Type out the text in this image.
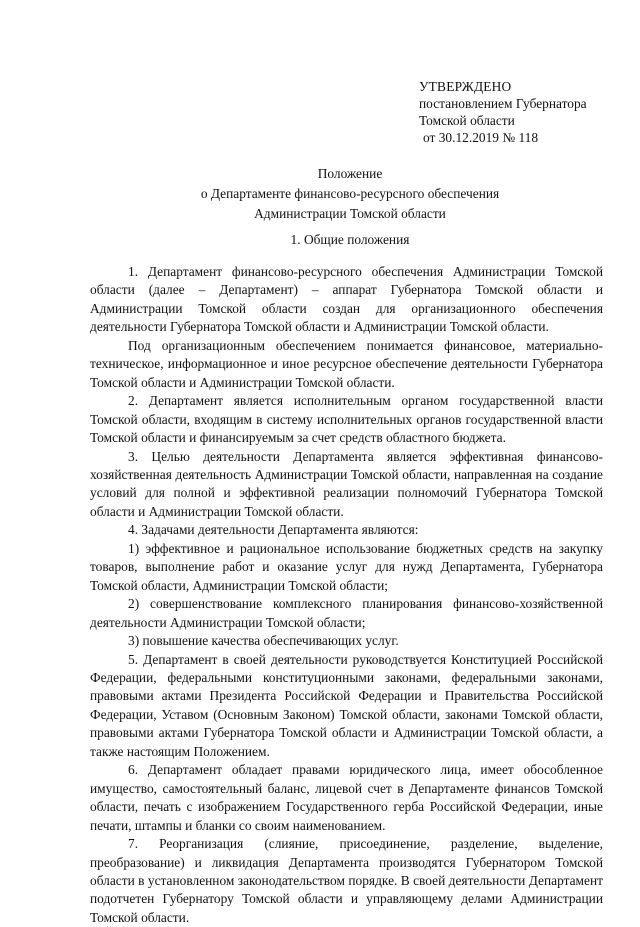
УТВЕРЖДЕНО
постановлением Губернатора
Томской области
от 30.12.2019 № 118
Положение
о Департаменте финансово-ресурсного обеспечения
Администрации Томской области
1. Общие положения

1. Департамент финансово-ресурсного обеспечения Администрации Томской области (далее – Департамент) – аппарат Губернатора Томской области и Администрации Томской области создан для организационного обеспечения деятельности Губернатора Томской области и Администрации Томской области.

Под организационным обеспечением понимается финансовое, материально-техническое, информационное и иное ресурсное обеспечение деятельности Губернатора Томской области и Администрации Томской области.

2. Департамент является исполнительным органом государственной власти Томской области, входящим в систему исполнительных органов государственной власти Томской области и финансируемым за счет средств областного бюджета.

3. Целью деятельности Департамента является эффективная финансово-хозяйственная деятельность Администрации Томской области, направленная на создание условий для полной и эффективной реализации полномочий Губернатора Томской области и Администрации Томской области.

4. Задачами деятельности Департамента являются:

1) эффективное и рациональное использование бюджетных средств на закупку товаров, выполнение работ и оказание услуг для нужд Департамента, Губернатора Томской области, Администрации Томской области;

2) совершенствование комплексного планирования финансово-хозяйственной деятельности Администрации Томской области;

3) повышение качества обеспечивающих услуг.

5. Департамент в своей деятельности руководствуется Конституцией Российской Федерации, федеральными конституционными законами, федеральными законами, правовыми актами Президента Российской Федерации и Правительства Российской Федерации, Уставом (Основным Законом) Томской области, законами Томской области, правовыми актами Губернатора Томской области и Администрации Томской области, а также настоящим Положением.

6. Департамент обладает правами юридического лица, имеет обособленное имущество, самостоятельный баланс, лицевой счет в Департаменте финансов Томской области, печать с изображением Государственного герба Российской Федерации, иные печати, штампы и бланки со своим наименованием.

7. Реорганизация (слияние, присоединение, разделение, выделение, преобразование) и ликвидация Департамента производятся Губернатором Томской области в установленном законодательством порядке. В своей деятельности Департамент подотчетен Губернатору Томской области и управляющему делами Администрации Томской области.
